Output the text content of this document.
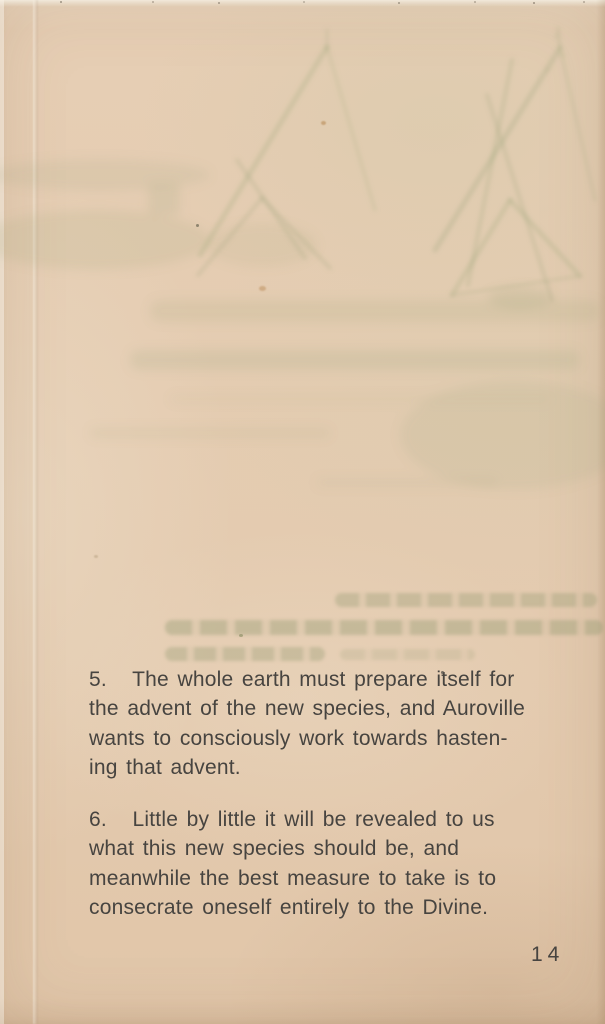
5.   The whole earth must prepare itself for
the advent of the new species, and Auroville
wants to consciously work towards hasten-
ing that advent.
6.   Little by little it will be revealed to us
what this new species should be, and
meanwhile the best measure to take is to
consecrate oneself entirely to the Divine.
14
